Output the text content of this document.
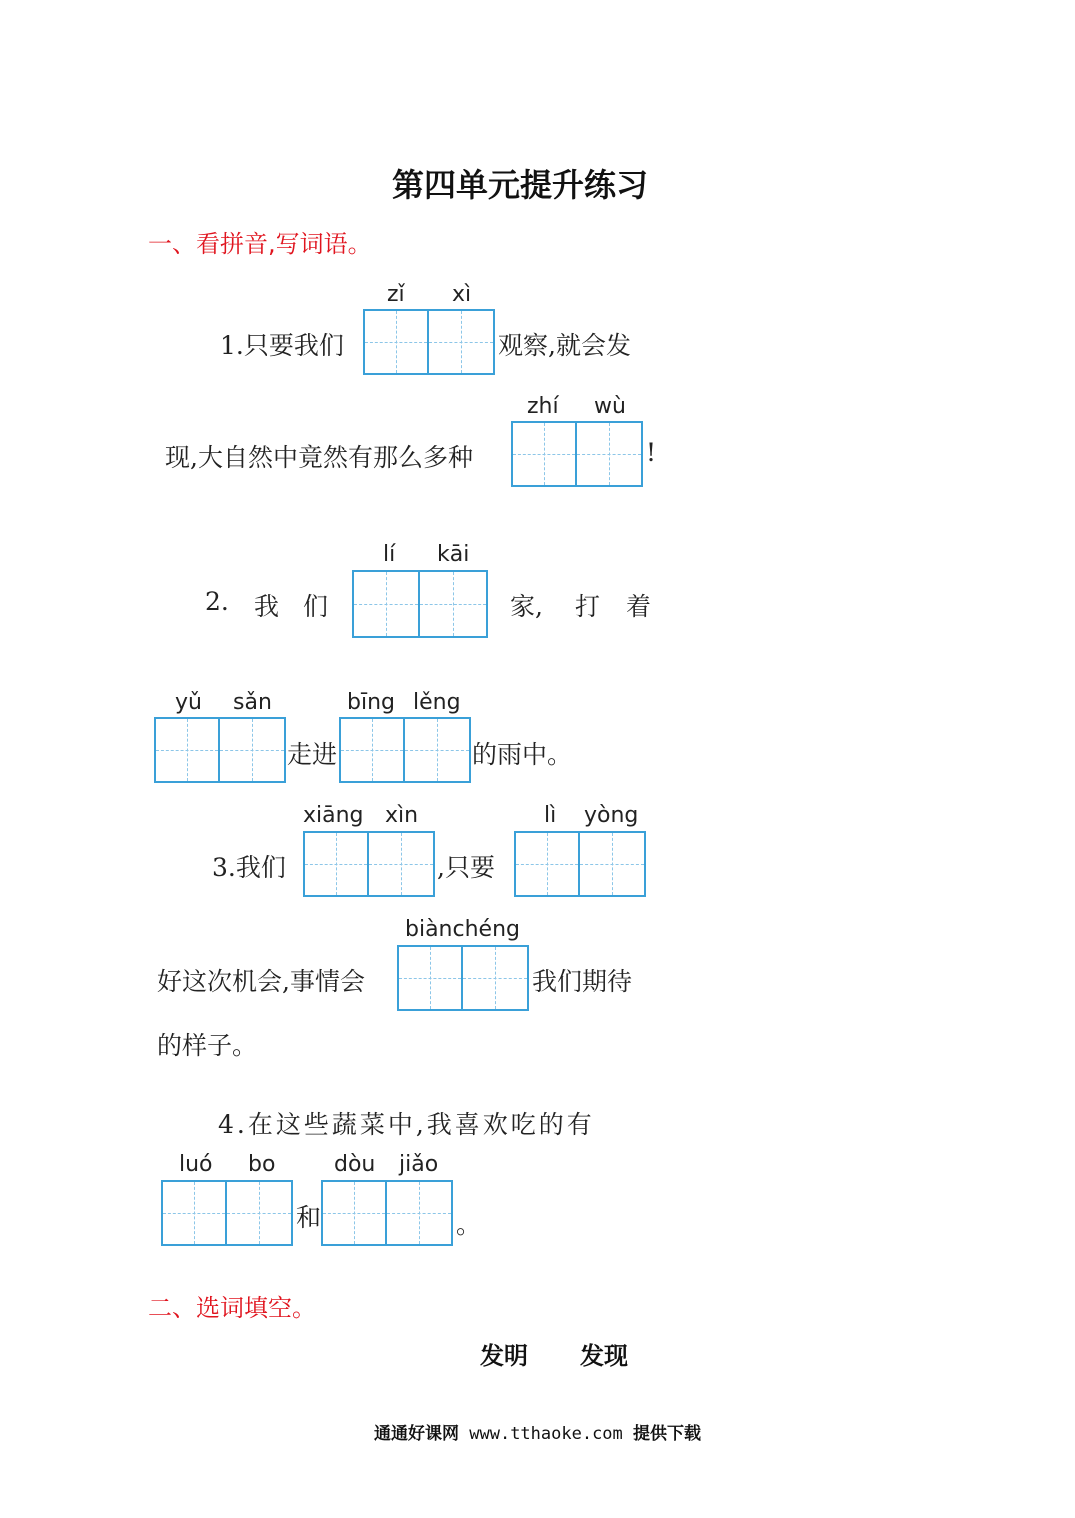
第四单元提升练习
一、看拼音,写词语。
zǐ xì
1.只要我们	观察,就会发
zhí wù
现,大自然中竟然有那么多种	!
lí kāi
2. 我 们	家, 打 着
yǔ sǎn	bīng lěng
走进	的雨中。
xiāng xìn	lì yòng
3.我们	,只要
biànchéng
好这次机会,事情会	我们期待
的样子。
4.在这些蔬菜中,我喜欢吃的有
luó bo	dòu jiǎo
和	。
二、选词填空。
发明 发现
通通好课网 www.tthaoke.com 提供下载
